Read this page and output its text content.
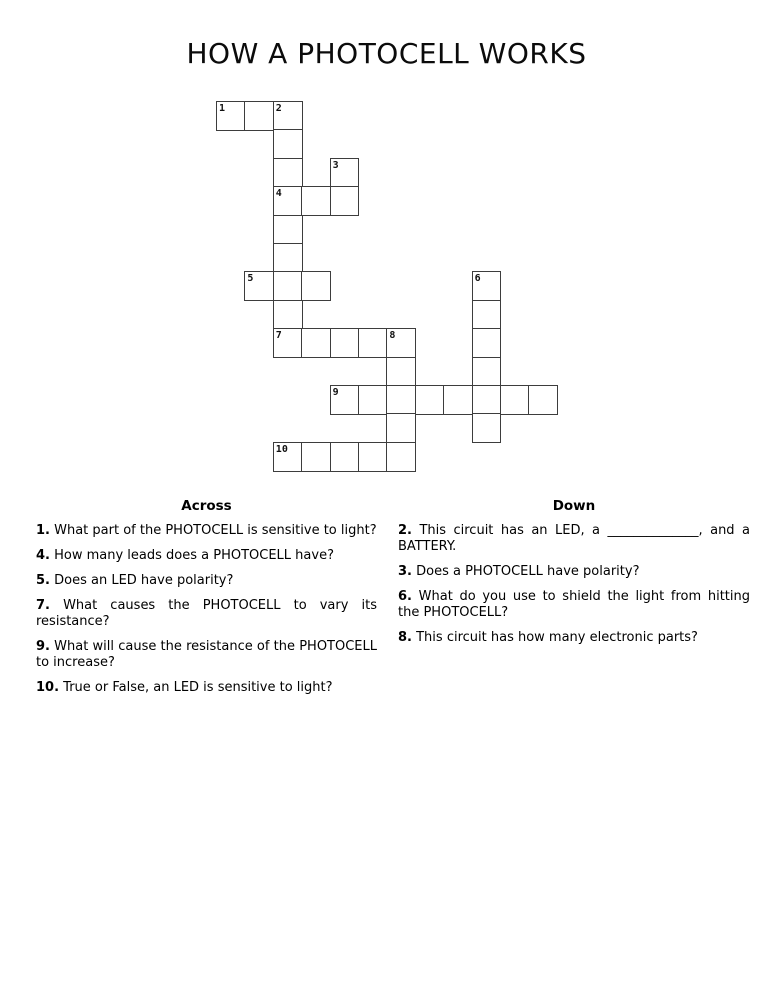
HOW A PHOTOCELL WORKS
1	2
3
4
5	6
7	8
9
10
Across

1. What part of the PHOTOCELL is sensitive to light?

4. How many leads does a PHOTOCELL have?

5. Does an LED have polarity?

7. What causes the PHOTOCELL to vary its resistance?

9. What will cause the resistance of the PHOTOCELL to increase?

10. True or False, an LED is sensitive to light?

Down

2. This circuit has an LED, a ______________, and a BATTERY.

3. Does a PHOTOCELL have polarity?

6. What do you use to shield the light from hitting the PHOTOCELL?

8. This circuit has how many electronic parts?
